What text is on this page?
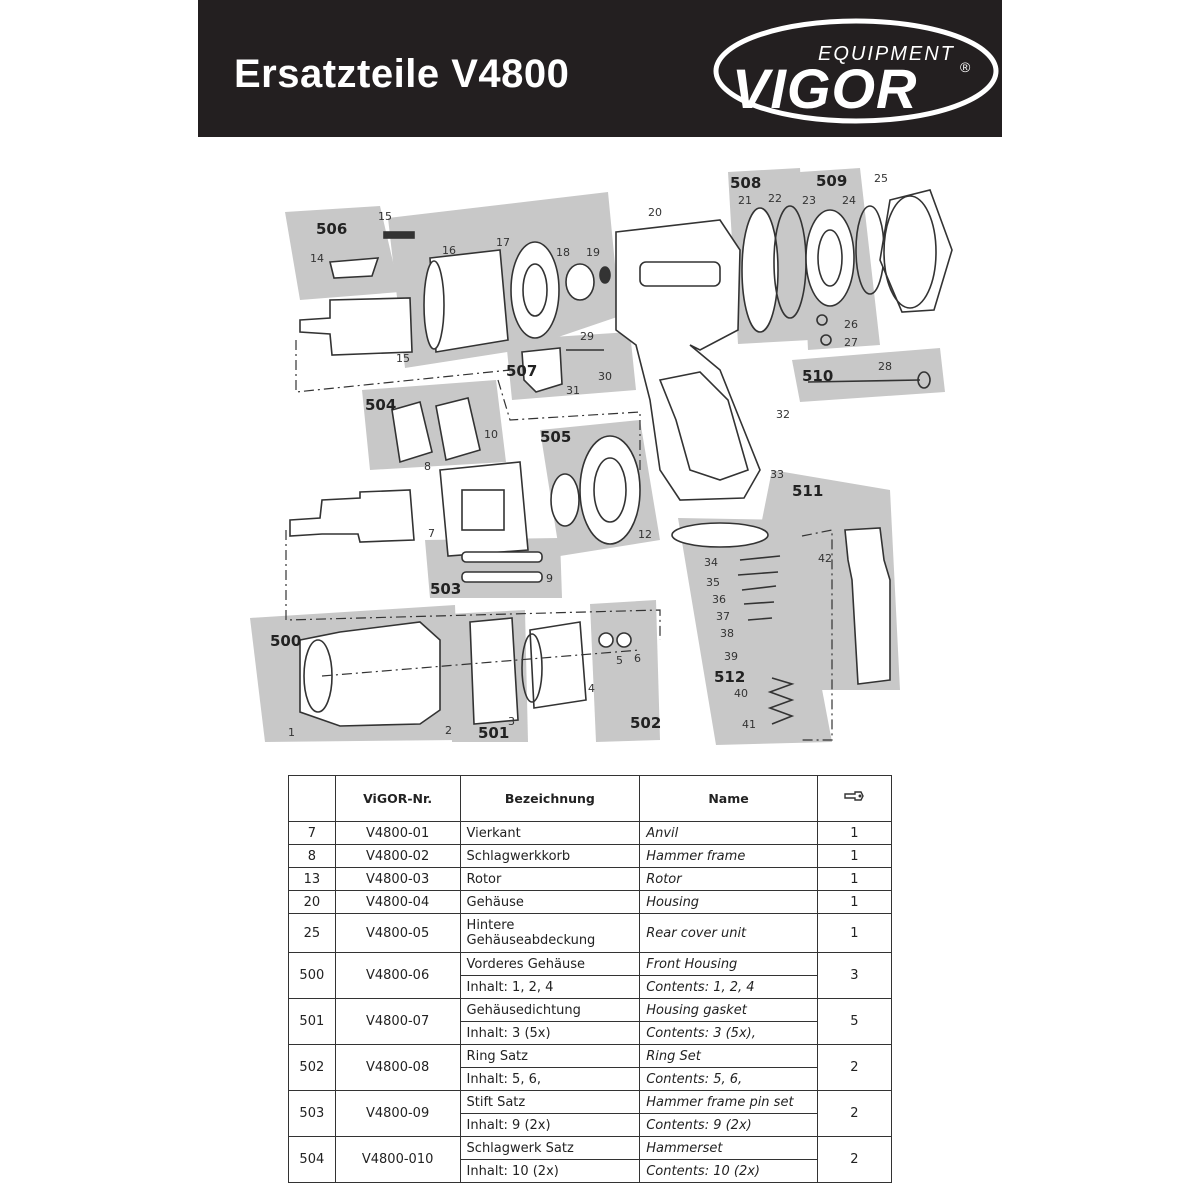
Ersatzteile V4800	EQUIPMENT
VIGOR	®
506
507
504
505
508	509
510
511
503
500
501
502
512
1	2
3
4
5 6
7
8
9
10
12
14
15
15
16
17
18 19
20
21 22 23 24
25
26
27
28
29
30
31
32
33
34
35
36
37
38
39
40
41
42
	ViGOR-Nr.	Bezeichnung	Name	
7	V4800-01	Vierkant	Anvil	1
8	V4800-02	Schlagwerkkorb	Hammer frame	1
13	V4800-03	Rotor	Rotor	1
20	V4800-04	Gehäuse	Housing	1
25	V4800-05	Hintere Gehäuseabdeckung	Rear cover unit	1
500	V4800-06	Vorderes Gehäuse	Front Housing	3
		Inhalt: 1, 2, 4	Contents: 1, 2, 4	
501	V4800-07	Gehäusedichtung	Housing gasket	5
		Inhalt: 3 (5x)	Contents: 3 (5x),	
502	V4800-08	Ring Satz	Ring Set	2
		Inhalt: 5, 6,	Contents: 5, 6,	
503	V4800-09	Stift Satz	Hammer frame pin set	2
		Inhalt: 9 (2x)	Contents: 9 (2x)	
504	V4800-010	Schlagwerk Satz	Hammerset	2
		Inhalt: 10 (2x)	Contents: 10 (2x)	
